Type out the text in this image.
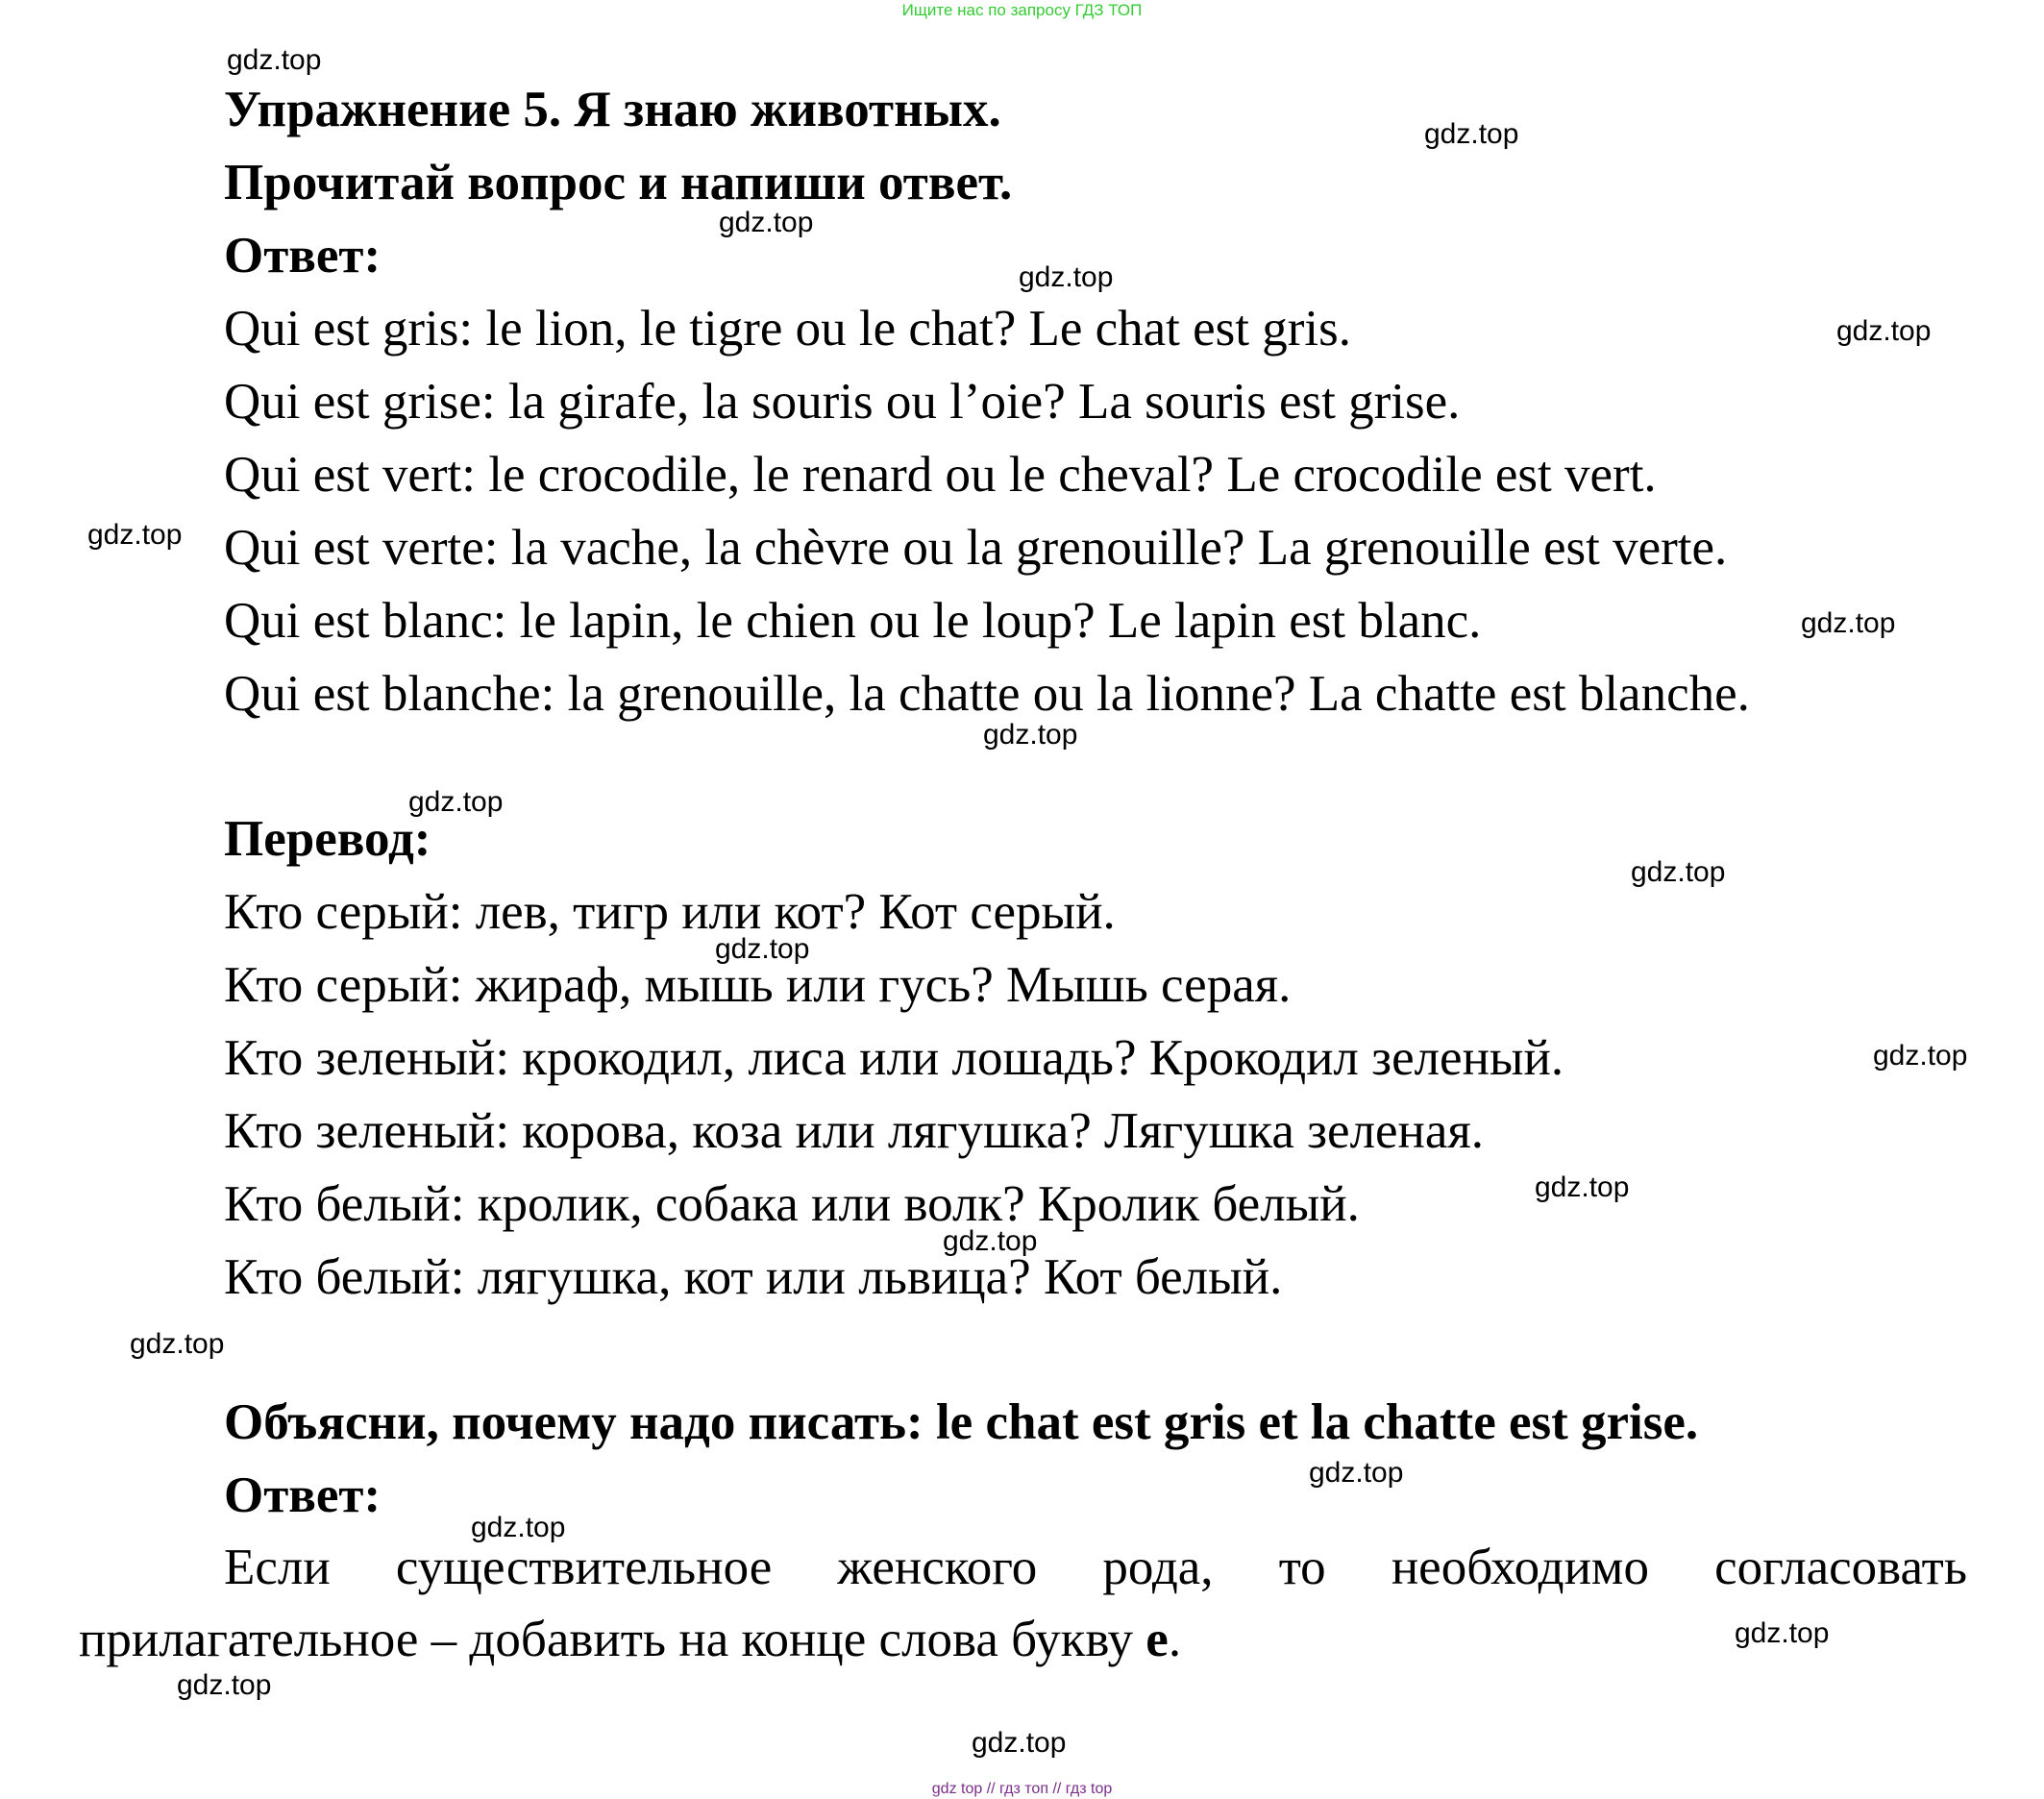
Ищите нас по запросу ГДЗ ТОП
Упражнение 5. Я знаю животных.
Прочитай вопрос и напиши ответ.
Ответ:
Qui est gris: le lion, le tigre ou le chat? Le chat est gris.
Qui est grise: la girafe, la souris ou l’oie? La souris est grise.
Qui est vert: le crocodile, le renard ou le cheval? Le crocodile est vert.
Qui est verte: la vache, la chèvre ou la grenouille? La grenouille est verte.
Qui est blanc: le lapin, le chien ou le loup? Le lapin est blanc.
Qui est blanche: la grenouille, la chatte ou la lionne? La chatte est blanche.
Перевод:
Кто серый: лев, тигр или кот? Кот серый.
Кто серый: жираф, мышь или гусь? Мышь серая.
Кто зеленый: крокодил, лиса или лошадь? Крокодил зеленый.
Кто зеленый: корова, коза или лягушка? Лягушка зеленая.
Кто белый: кролик, собака или волк? Кролик белый.
Кто белый: лягушка, кот или львица? Кот белый.
Объясни, почему надо писать: le chat est gris et la chatte est grise.
Ответ:
Если существительное женского рода, то необходимо согласовать прилагательное – добавить на конце слова букву е.
gdz.top
gdz.top
gdz.top
gdz.top
gdz.top
gdz.top
gdz.top
gdz.top
gdz.top
gdz.top
gdz.top
gdz.top
gdz.top
gdz.top
gdz.top
gdz.top
gdz.top
gdz.top
gdz.top
gdz.top
gdz top // гдз топ // гдз top
